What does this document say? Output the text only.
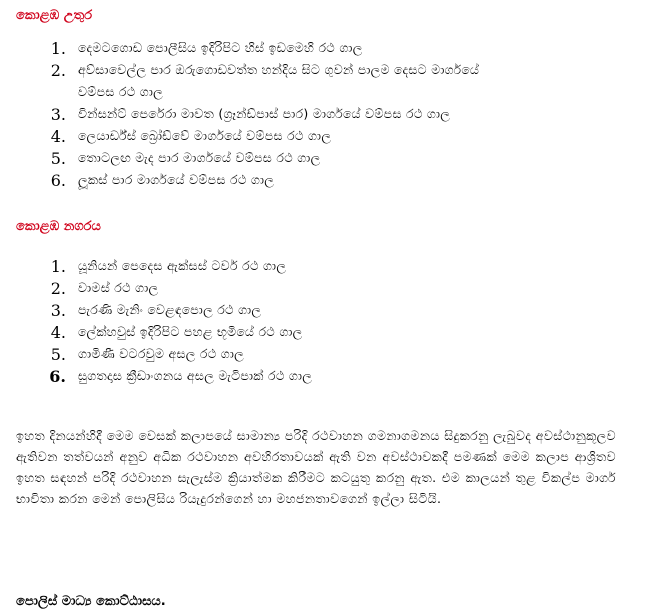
කොළඹ උතුර
1. දෙමටගොඩ පොලීසිය ඉදිරිපිට හිස් ඉඩමෙහි රථ ගාල
2. අව්සාවෙල්ල පාර ඔරුගොඩවත්ත හන්දිය සිට ගුවන් පාලම දෙසට මාර්ගයේ
වම්පස රථ ගාල
3. වින්සන්ට් පෙරේරා මාවත (ග්‍රෑන්ඩ්පාස් පාර) මාර්ගයේ වම්පස රථ ගාල
4. ලෙයාර්ඩ්ස් බ්‍රෝඩ්වේ මාර්ගයේ වම්පස රථ ගාල
5. තොටලඟ මැද පාර මාර්ගයේ වම්පස රථ ගාල
6. ලූකස් පාර මාර්ගයේ වම්පස රථ ගාල
කොළඹ නගරය
1. යූනියන් පෙදෙස ඇක්සස් ටවර් රථ ගාල
2. වාමස් රථ ගාල
3. පැරණි මැනිං වෙළඳපොල රථ ගාල
4. ලේක්හවුස් ඉදිරිපිට පහළ භූමියේ රථ ගාල
5. ගාමිණී වටරවුම අසල රථ ගාල
6. සුගතදාස ක්‍රීඩාංගනය අසල මැටිපාක් රථ ගාල

ඉහත දිනයන්හිදී මෙම වෙසක් කලාපයේ සාමාන්‍ය පරිදි රථවාහන ගමනාගමනය සිදුකරනු ලැබුවද අවස්ථානුකූලව ඇතිවන තත්වයන් අනුව අධික රථවාහන අවහිරතාවයක් ඇති වන අවස්ථාවකදී පමණක් මෙම කලාප ආශ්‍රිතව ඉහත සඳහන් පරිදි රථවාහන සැලැස්ම ක්‍රියාත්මක කිරීමට කටයුතු කරනු ඇත. එම කාලයන් තුළ විකල්ප මාර්ග භාවිතා කරන මෙන් පොලිසිය රියැදුරන්ගෙන් හා මහජනතාවගෙන් ඉල්ලා සිටියි.

පොලිස් මාධ්‍ය කොට්ඨාසය.
